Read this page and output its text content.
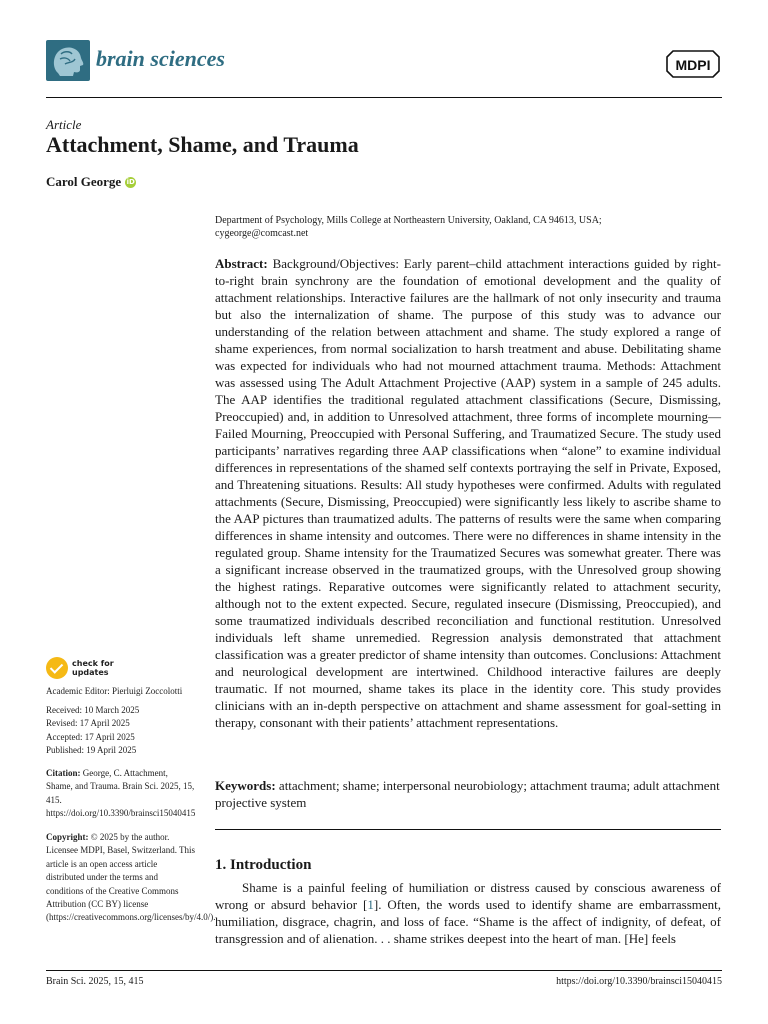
brain sciences	MDPI
Article
Attachment, Shame, and Trauma
Carol George iD
Department of Psychology, Mills College at Northeastern University, Oakland, CA 94613, USA;
cygeorge@comcast.net
Abstract: Background/Objectives: Early parent–child attachment interactions guided by right-to-right brain synchrony are the foundation of emotional development and the quality of attachment relationships. Interactive failures are the hallmark of not only insecurity and trauma but also the internalization of shame. The purpose of this study was to advance our understanding of the relation between attachment and shame. The study explored a range of shame experiences, from normal socialization to harsh treatment and abuse. Debilitating shame was expected for individuals who had not mourned attachment trauma. Methods: Attachment was assessed using The Adult Attachment Projective (AAP) system in a sample of 245 adults. The AAP identifies the traditional regulated attachment classifications (Secure, Dismissing, Preoccupied) and, in addition to Unresolved attachment, three forms of incomplete mourning—Failed Mourning, Preoccupied with Personal Suffering, and Traumatized Secure. The study used participants’ narratives regarding three AAP classifications when “alone” to examine individual differences in representations of the shamed self contexts portraying the self in Private, Exposed, and Threatening situations. Results: All study hypotheses were confirmed. Adults with regulated attachments (Secure, Dismissing, Preoccupied) were significantly less likely to ascribe shame to the AAP pictures than traumatized adults. The patterns of results were the same when comparing differences in shame intensity and outcomes. There were no differences in shame intensity in the regulated group. Shame intensity for the Traumatized Secures was somewhat greater. There was a significant increase observed in the traumatized groups, with the Unresolved group showing the highest ratings. Reparative outcomes were significantly related to attachment security, although not to the extent expected. Secure, regulated insecure (Dismissing, Preoccupied), and some traumatized individuals described reconciliation and functional restitution. Unresolved individuals left shame unremedied. Regression analysis demonstrated that attachment classification was a greater predictor of shame intensity than outcomes. Conclusions: Attachment and neurological development are intertwined. Childhood interactive failures are deeply traumatic. If not mourned, shame takes its place in the identity core. This study provides clinicians with an in-depth perspective on attachment and shame assessment for goal-setting in therapy, consonant with their patients’ attachment representations.
Keywords: attachment; shame; interpersonal neurobiology; attachment trauma; adult attachment projective system
1. Introduction

Shame is a painful feeling of humiliation or distress caused by conscious awareness of wrong or absurd behavior [1]. Often, the words used to identify shame are embarrassment, humiliation, disgrace, chagrin, and loss of face. “Shame is the affect of indignity, of defeat, of transgression and of alienation. . . shame strikes deepest into the heart of man. [He] feels

check for
updates
Academic Editor: Pierluigi Zoccolotti
Received: 10 March 2025
Revised: 17 April 2025
Accepted: 17 April 2025
Published: 19 April 2025
Citation: George, C. Attachment, Shame, and Trauma. Brain Sci. 2025, 15, 415. https://doi.org/10.3390/brainsci15040415
Copyright: © 2025 by the author. Licensee MDPI, Basel, Switzerland. This article is an open access article distributed under the terms and conditions of the Creative Commons Attribution (CC BY) license (https://creativecommons.org/licenses/by/4.0/).
Brain Sci. 2025, 15, 415	https://doi.org/10.3390/brainsci15040415
